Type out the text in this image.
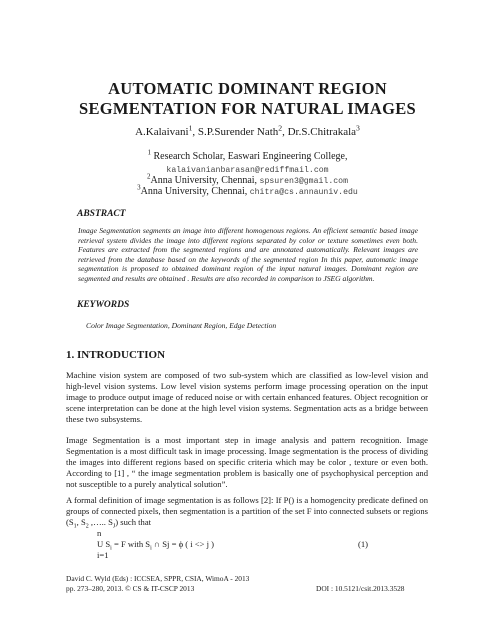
AUTOMATIC DOMINANT REGION
SEGMENTATION FOR NATURAL IMAGES
A.Kalaivani$^1$, S.P.Surender Nath$^2$, Dr.S.Chitrakala$^3$
$^1$ Research Scholar, Easwari Engineering College,
kalaivanianbarasan@rediffmail.com
$^2$Anna University, Chennai, spsuren3@gmail.com
$^3$Anna University, Chennai, chitra@cs.annauniv.edu
ABSTRACT
Image Segmentation segments an image into different homogenous regions. An efficient semantic based image retrieval system divides the image into different regions separated by color or texture sometimes even both. Features are extracted from the segmented regions and are annotated automatically. Relevant images are retrieved from the database based on the keywords of the segmented region In this paper, automatic image segmentation is proposed to obtained dominant region of the input natural images. Dominant region are segmented and results are obtained . Results are also recorded in comparison to JSEG algorithm.
KEYWORDS
Color Image Segmentation, Dominant Region, Edge Detection
1. INTRODUCTION
Machine vision system are composed of two sub-system which are classified as low-level vision and high-level vision systems. Low level vision systems perform image processing operation on the input image to produce output image of reduced noise or with certain enhanced features. Object recognition or scene interpretation can be done at the high level vision systems. Segmentation acts as a bridge between these two subsystems.
Image Segmentation is a most important step in image analysis and pattern recognition. Image Segmentation is a most difficult task in image processing. Image segmentation is the process of dividing the images into different regions based on specific criteria which may be color , texture or even both. According to [1] , “ the image segmentation problem is basically one of psychophysical perception and not susceptible to a purely analytical solution”.
A formal definition of image segmentation is as follows [2]: If P() is a homogencity predicate defined on groups of connected pixels, then segmentation is a partition of the set F into connected subsets or regions ($S_1$, $S_2$ ,….. $S_J$) such that
n
U $S_i = F$ with $S_i$ ∩ Sj = ϕ ( i <> j )	(1)
i=1
David C. Wyld (Eds) : ICCSEA, SPPR, CSIA, WimoA - 2013
pp. 273–280, 2013. © CS & IT-CSCP 2013	DOI : 10.5121/csit.2013.3528
